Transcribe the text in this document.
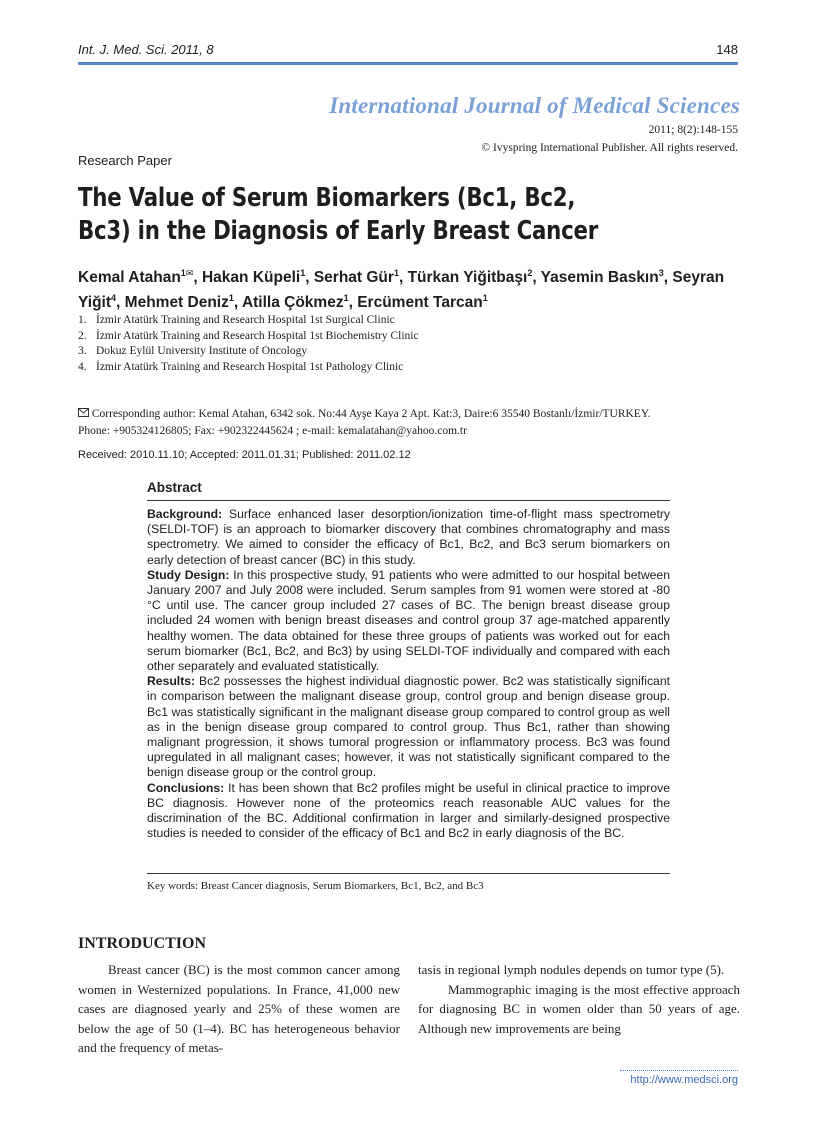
Int. J. Med. Sci. 2011, 8	148
International Journal of Medical Sciences
2011; 8(2):148-155
© Ivyspring International Publisher. All rights reserved.
Research Paper
The Value of Serum Biomarkers (Bc1, Bc2, Bc3) in the Diagnosis of Early Breast Cancer
Kemal Atahan$^{1✉}$, Hakan Küpeli$^1$, Serhat Gür$^1$, Türkan Yiğitbaşı$^2$, Yasemin Baskın$^3$, Seyran Yiğit$^4$, Mehmet Deniz$^1$, Atilla Çökmez$^1$, Ercüment Tarcan$^1$
1. İzmir Atatürk Training and Research Hospital 1st Surgical Clinic
2. İzmir Atatürk Training and Research Hospital 1st Biochemistry Clinic
3. Dokuz Eylül University Institute of Oncology
4. İzmir Atatürk Training and Research Hospital 1st Pathology Clinic
Corresponding author: Kemal Atahan, 6342 sok. No:44 Ayşe Kaya 2 Apt. Kat:3, Daire:6 35540 Bostanlı/İzmir/TURKEY.
Phone: +905324126805; Fax: +902322445624 ; e-mail: kemalatahan@yahoo.com.tr
Received: 2010.11.10; Accepted: 2011.01.31; Published: 2011.02.12
Abstract

Background: Surface enhanced laser desorption/ionization time-of-flight mass spectrometry (SELDI-TOF) is an approach to biomarker discovery that combines chromatography and mass spectrometry. We aimed to consider the efficacy of Bc1, Bc2, and Bc3 serum biomarkers on early detection of breast cancer (BC) in this study.

Study Design: In this prospective study, 91 patients who were admitted to our hospital between January 2007 and July 2008 were included. Serum samples from 91 women were stored at -80 °C until use. The cancer group included 27 cases of BC. The benign breast disease group included 24 women with benign breast diseases and control group 37 age-matched apparently healthy women. The data obtained for these three groups of patients was worked out for each serum biomarker (Bc1, Bc2, and Bc3) by using SELDI-TOF individually and compared with each other separately and evaluated statistically.

Results: Bc2 possesses the highest individual diagnostic power. Bc2 was statistically significant in comparison between the malignant disease group, control group and benign disease group. Bc1 was statistically significant in the malignant disease group compared to control group as well as in the benign disease group compared to control group. Thus Bc1, rather than showing malignant progression, it shows tumoral progression or inflammatory process. Bc3 was found upregulated in all malignant cases; however, it was not statistically significant compared to the benign disease group or the control group.

Conclusions: It has been shown that Bc2 profiles might be useful in clinical practice to improve BC diagnosis. However none of the proteomics reach reasonable AUC values for the discrimination of the BC. Additional confirmation in larger and similarly-designed prospective studies is needed to consider of the efficacy of Bc1 and Bc2 in early diagnosis of the BC.

Key words: Breast Cancer diagnosis, Serum Biomarkers, Bc1, Bc2, and Bc3
INTRODUCTION

Breast cancer (BC) is the most common cancer among women in Westernized populations. In France, 41,000 new cases are diagnosed yearly and 25% of these women are below the age of 50 (1–4). BC has heterogeneous behavior and the frequency of metas-

tasis in regional lymph nodules depends on tumor type (5).

Mammographic imaging is the most effective approach for diagnosing BC in women older than 50 years of age. Although new improvements are being

http://www.medsci.org
